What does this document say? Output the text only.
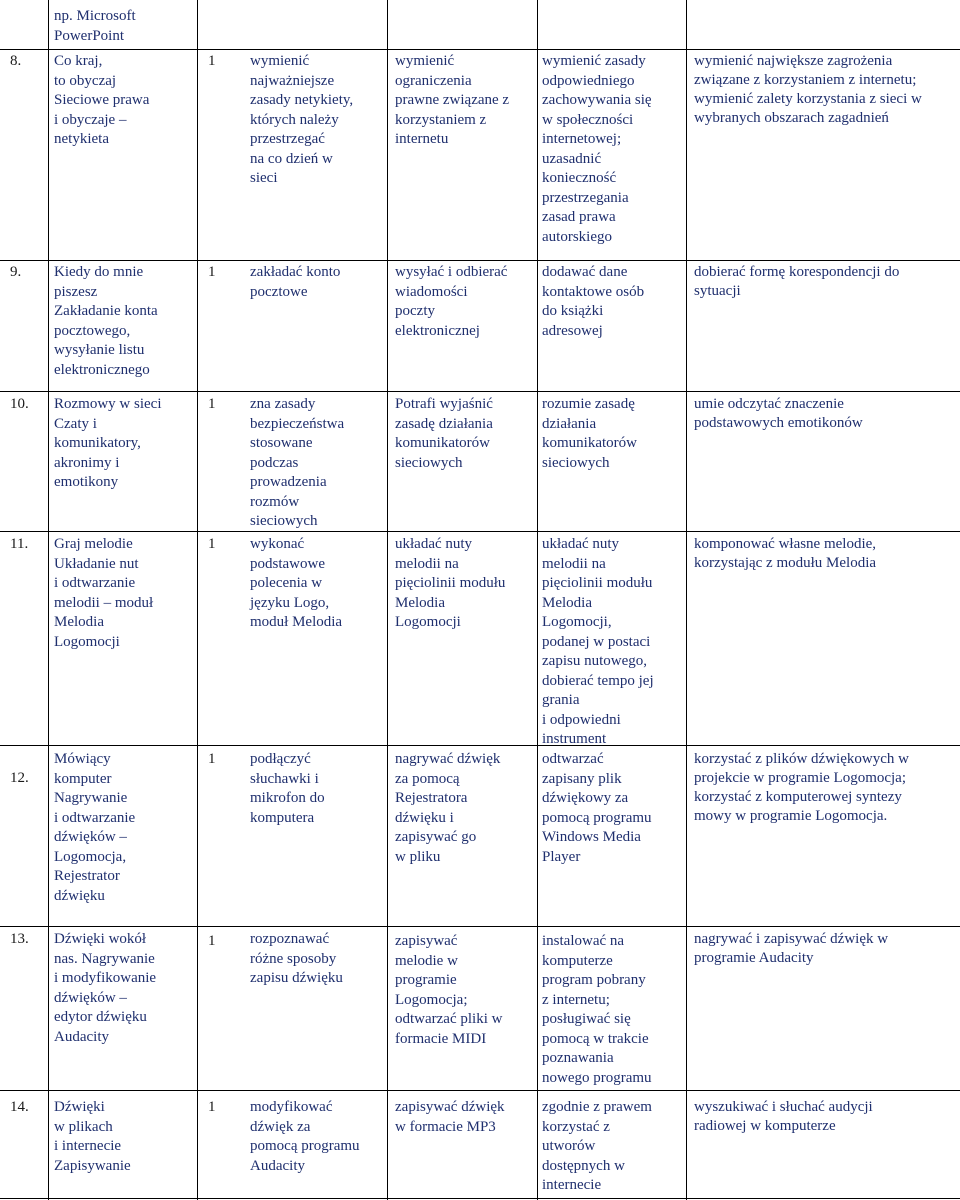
np. Microsoft
PowerPoint
8. Co kraj,
to obyczaj
Sieciowe prawa
i obyczaje –
netykieta
1 wymienić
najważniejsze
zasady netykiety,
których należy
przestrzegać
na co dzień w
sieci
wymienić
ograniczenia
prawne związane z
korzystaniem z
internetu
wymienić zasady
odpowiedniego
zachowywania się
w społeczności
internetowej;
uzasadnić
konieczność
przestrzegania
zasad prawa
autorskiego
wymienić największe zagrożenia
związane z korzystaniem z internetu;
wymienić zalety korzystania z sieci w
wybranych obszarach zagadnień
9. Kiedy do mnie
piszesz
Zakładanie konta
pocztowego,
wysyłanie listu
elektronicznego
1 zakładać konto
pocztowe
wysyłać i odbierać
wiadomości
poczty
elektronicznej
dodawać dane
kontaktowe osób
do książki
adresowej
dobierać formę korespondencji do
sytuacji
10. Rozmowy w sieci
Czaty i
komunikatory,
akronimy i
emotikony
1 zna zasady
bezpieczeństwa
stosowane
podczas
prowadzenia
rozmów
sieciowych
Potrafi wyjaśnić
zasadę działania
komunikatorów
sieciowych
rozumie zasadę
działania
komunikatorów
sieciowych
umie odczytać znaczenie
podstawowych emotikonów
11. Graj melodie
Układanie nut
i odtwarzanie
melodii – moduł
Melodia
Logomocji
1 wykonać
podstawowe
polecenia w
języku Logo,
moduł Melodia
układać nuty
melodii na
pięciolinii modułu
Melodia
Logomocji
układać nuty
melodii na
pięciolinii modułu
Melodia
Logomocji,
podanej w postaci
zapisu nutowego,
dobierać tempo jej
grania
i odpowiedni
instrument
komponować własne melodie,
korzystając z modułu Melodia
12.
Mówiący
komputer
Nagrywanie
i odtwarzanie
dźwięków –
Logomocja,
Rejestrator
dźwięku
1 podłączyć
słuchawki i
mikrofon do
komputera
nagrywać dźwięk
za pomocą
Rejestratora
dźwięku i
zapisywać go
w pliku
odtwarzać
zapisany plik
dźwiękowy za
pomocą programu
Windows Media
Player
korzystać z plików dźwiękowych w
projekcie w programie Logomocja;
korzystać z komputerowej syntezy
mowy w programie Logomocja.
13. Dźwięki wokół
nas. Nagrywanie
i modyfikowanie
dźwięków –
edytor dźwięku
Audacity
1 rozpoznawać
różne sposoby
zapisu dźwięku
zapisywać
melodie w
programie
Logomocja;
odtwarzać pliki w
formacie MIDI
instalować na
komputerze
program pobrany
z internetu;
posługiwać się
pomocą w trakcie
poznawania
nowego programu
nagrywać i zapisywać dźwięk w
programie Audacity
14. Dźwięki
w plikach
i internecie
Zapisywanie
1 modyfikować
dźwięk za
pomocą programu
Audacity
zapisywać dźwięk
w formacie MP3
zgodnie z prawem
korzystać z
utworów
dostępnych w
internecie
wyszukiwać i słuchać audycji
radiowej w komputerze
